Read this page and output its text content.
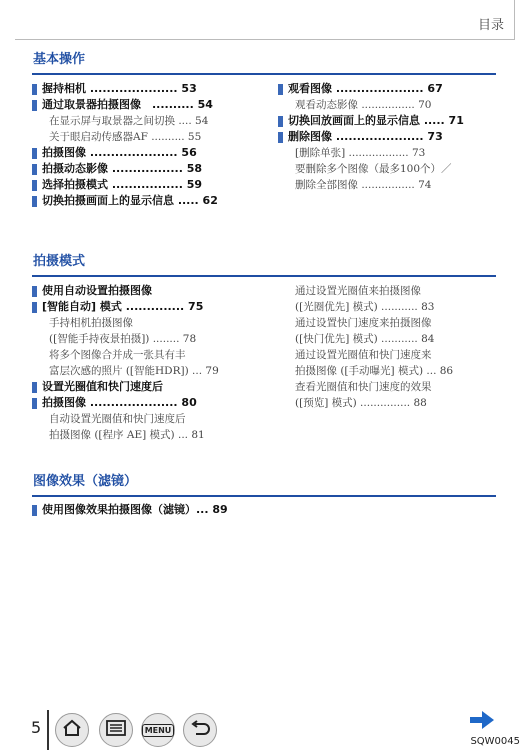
目录
基本操作
握持相机 ..................... 53
通过取景器拍摄图像　.......... 54
在显示屏与取景器之间切换 .... 54
关于眼启动传感器AF .......... 55
拍摄图像 ..................... 56
拍摄动态影像 ................. 58
选择拍摄模式 ................. 59
切换拍摄画面上的显示信息 ..... 62
观看图像 ..................... 67
观看动态影像 ................ 70
切换回放画面上的显示信息 ..... 71
删除图像 ..................... 73
[删除单张] .................. 73
要删除多个图像（最多100个）／
删除全部图像 ................ 74
拍摄模式
使用自动设置拍摄图像
[智能自动] 模式 .............. 75
手持相机拍摄图像
([智能手持夜景拍摄]) ........ 78
将多个图像合并成一张具有丰
富层次感的照片 ([智能HDR]) ... 79
设置光圈值和快门速度后
拍摄图像 ..................... 80
自动设置光圈值和快门速度后
拍摄图像 ([程序 AE] 模式) ... 81
通过设置光圈值来拍摄图像
([光圈优先] 模式) ........... 83
通过设置快门速度来拍摄图像
([快门优先] 模式) ........... 84
通过设置光圈值和快门速度来
拍摄图像 ([手动曝光] 模式) ... 86
查看光圈值和快门速度的效果
([预览] 模式) ............... 88
图像效果（滤镜）
使用图像效果拍摄图像（滤镜）... 89
5	MENU
SQW0045
